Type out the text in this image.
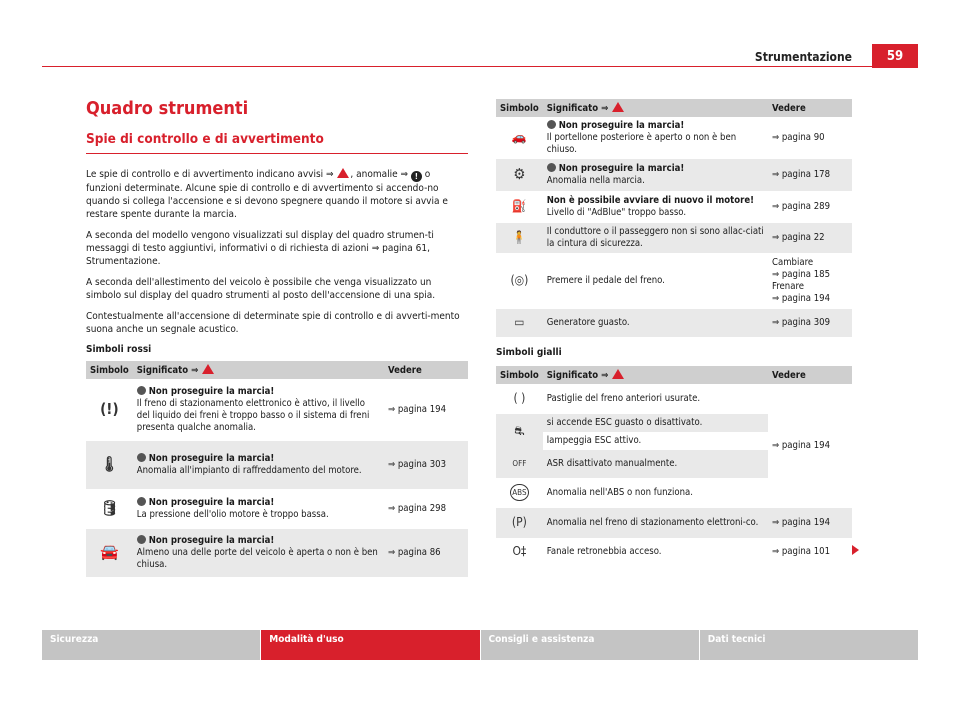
Strumentazione	59
Quadro strumenti
Spie di controllo e di avvertimento

Le spie di controllo e di avvertimento indicano avvisi ⇒ , anomalie ⇒ ! o funzioni determinate. Alcune spie di controllo e di avvertimento si accendo-no quando si collega l'accensione e si devono spegnere quando il motore si avvia e restare spente durante la marcia.

A seconda del modello vengono visualizzati sul display del quadro strumen-ti messaggi di testo aggiuntivi, informativi o di richiesta di azioni ⇒ pagina 61, Strumentazione.

A seconda dell'allestimento del veicolo è possibile che venga visualizzato un simbolo sul display del quadro strumenti al posto dell'accensione di una spia.

Contestualmente all'accensione di determinate spie di controllo e di avverti-mento suona anche un segnale acustico.

Simboli rossi
Simbolo	Significato ⇒	Vedere
(!)	Non proseguire la marcia!
Il freno di stazionamento elettronico è attivo, il livello del liquido dei freni è troppo basso o il sistema di freni presenta qualche anomalia.	⇒ pagina 194
🌡	Non proseguire la marcia!
Anomalia all'impianto di raffreddamento del motore.	⇒ pagina 303
🛢	Non proseguire la marcia!
La pressione dell'olio motore è troppo bassa.	⇒ pagina 298
🚘	Non proseguire la marcia!
Almeno una delle porte del veicolo è aperta o non è ben chiusa.	⇒ pagina 86
Simbolo	Significato ⇒	Vedere
🚗	Non proseguire la marcia!
Il portellone posteriore è aperto o non è ben chiuso.	⇒ pagina 90
⚙	Non proseguire la marcia!
Anomalia nella marcia.	⇒ pagina 178
⛽	Non è possibile avviare di nuovo il motore!
Livello di "AdBlue" troppo basso.	⇒ pagina 289
🧍	Il conduttore o il passeggero non si sono allac-ciati la cintura di sicurezza.	⇒ pagina 22
(◎)	Premere il pedale del freno.	Cambiare
⇒ pagina 185
Frenare
⇒ pagina 194
▭	Generatore guasto.	⇒ pagina 309
Simboli gialli
Simbolo	Significato ⇒	Vedere
( )	Pastiglie del freno anteriori usurate.	⇒ pagina 194
⛐	si accende ESC guasto o disattivato.	
	lampeggia ESC attivo.	
OFF	ASR disattivato manualmente.	
ABS	Anomalia nell'ABS o non funziona.	
(P)	Anomalia nel freno di stazionamento elettroni-co.	⇒ pagina 194
O‡	Fanale retronebbia acceso.	⇒ pagina 101
Sicurezza	Modalità d'uso	Consigli e assistenza	Dati tecnici
